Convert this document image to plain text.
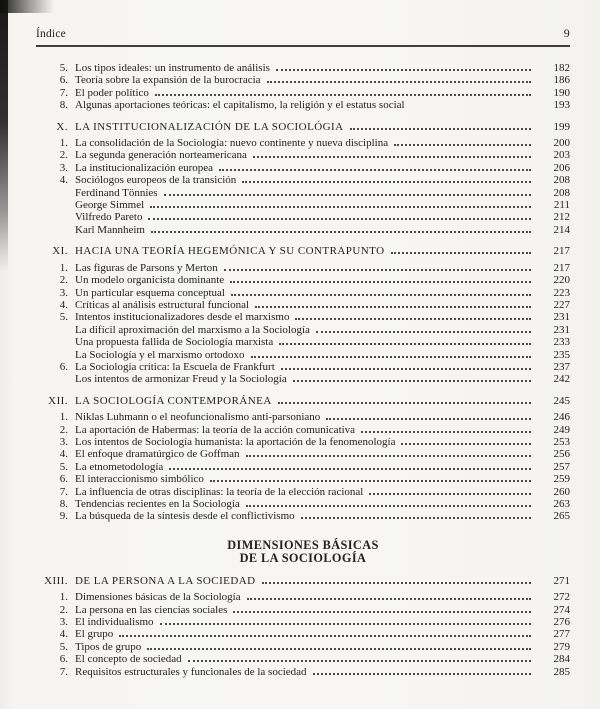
Índice	9
5. Los tipos ideales: un instrumento de análisis	182
6. Teoría sobre la expansión de la burocracia	186
7. El poder político	190
8. Algunas aportaciones teóricas: el capitalismo, la religión y el estatus social	193
X. LA INSTITUCIONALIZACIÓN DE LA SOCIOLÓGIA	199
1. La consolidación de la Sociología: nuevo continente y nueva disciplina	200
2. La segunda generación norteamericana	203
3. La institucionalización europea	206
4. Sociólogos europeos de la transición	208
Ferdinand Tönnies	208
George Simmel	211
Vilfredo Pareto	212
Karl Mannheim	214
XI. HACIA UNA TEORÍA HEGEMÓNICA Y SU CONTRAPUNTO	217
1. Las figuras de Parsons y Merton	217
2. Un modelo organicista dominante	220
3. Un particular esquema conceptual	223
4. Críticas al análisis estructural funcional	227
5. Intentos institucionalizadores desde el marxismo	231
La difícil aproximación del marxismo a la Sociología	231
Una propuesta fallida de Sociología marxista	233
La Sociología y el marxismo ortodoxo	235
6. La Sociología crítica: la Escuela de Frankfurt	237
Los intentos de armonizar Freud y la Sociología	242
XII. LA SOCIOLOGÍA CONTEMPORÁNEA	245
1. Niklas Luhmann o el neofuncionalismo anti-parsoniano	246
2. La aportación de Habermas: la teoría de la acción comunicativa	249
3. Los intentos de Sociología humanista: la aportación de la fenomenología	253
4. El enfoque dramatúrgico de Goffman	256
5. La etnometodología	257
6. El interaccionismo simbólico	259
7. La influencia de otras disciplinas: la teoría de la elección racional	260
8. Tendencias recientes en la Sociología	263
9. La búsqueda de la síntesis desde el conflictivismo	265
DIMENSIONES BÁSICAS
DE LA SOCIOLOGÍA
XIII. DE LA PERSONA A LA SOCIEDAD	271
1. Dimensiones básicas de la Sociología	272
2. La persona en las ciencias sociales	274
3. El individualismo	276
4. El grupo	277
5. Tipos de grupo	279
6. El concepto de sociedad	284
7. Requisitos estructurales y funcionales de la sociedad	285
